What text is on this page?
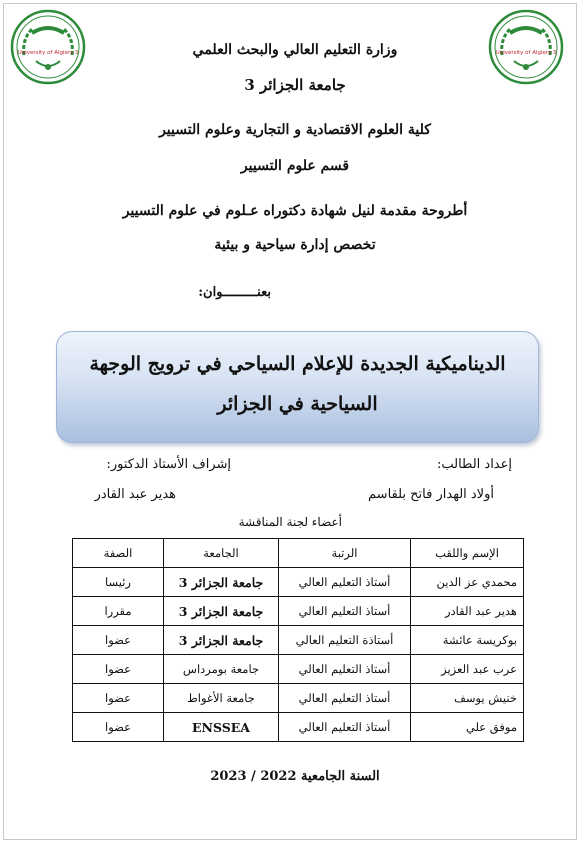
University of Algiers 3	University of Algiers 3
وزارة التعليم العالي والبحث العلمي
جامعة الجزائر 3
كلية العلوم الاقتصادية و التجارية وعلوم التسيير
قسم علوم التسيير
أطروحة مقدمة لنيل شهادة دكتوراه عـلوم في علوم التسيير
تخصص إدارة سياحية و بيئية
بعنـــــــــوان:
الديناميكية الجديدة للإعلام السياحي في ترويج الوجهة
السياحية في الجزائر
إعداد الطالب:
إشراف الأستاذ الدكتور:
أولاد الهدار فاتح بلقاسم
هدير عبد القادر
أعضاء لجنة المناقشة
الإسم واللقب	الرتبة	الجامعة	الصفة
محمدي عز الدين	أستاذ التعليم العالي	جامعة الجزائر 3	رئيسا
هدير عبد القادر	أستاذ التعليم العالي	جامعة الجزائر 3	مقررا
بوكريسة عائشة	أستاذة التعليم العالي	جامعة الجزائر 3	عضوا
عرب عبد العزيز	أستاذ التعليم العالي	جامعة بومرداس	عضوا
خنيش يوسف	أستاذ التعليم العالي	جامعة الأغواط	عضوا
موفق علي	أستاذ التعليم العالي	ENSSEA	عضوا
السنة الجامعية 2022 / 2023
